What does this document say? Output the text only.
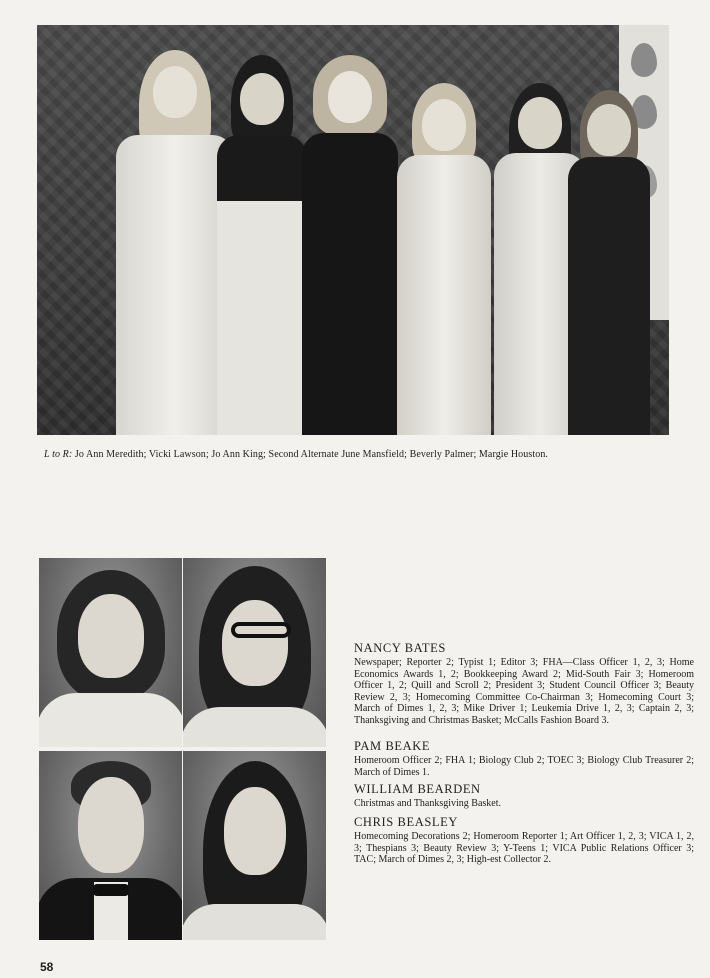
L to R: Jo Ann Meredith; Vicki Lawson; Jo Ann King; Second Alternate June Mansfield; Beverly Palmer; Margie Houston.

NANCY BATES

Newspaper; Reporter 2; Typist 1; Editor 3; FHA—Class Officer 1, 2, 3; Home Economics Awards 1, 2; Bookkeeping Award 2; Mid-South Fair 3; Homeroom Officer 1, 2; Quill and Scroll 2; President 3; Student Council Officer 3; Beauty Review 2, 3; Homecoming Committee Co-Chairman 3; Homecoming Court 3; March of Dimes 1, 2, 3; Mike Driver 1; Leukemia Drive 1, 2, 3; Captain 2, 3; Thanksgiving and Christmas Basket; McCalls Fashion Board 3.

PAM BEAKE

Homeroom Officer 2; FHA 1; Biology Club 2; TOEC 3; Biology Club Treasurer 2; March of Dimes 1.

WILLIAM BEARDEN

Christmas and Thanksgiving Basket.

CHRIS BEASLEY

Homecoming Decorations 2; Homeroom Reporter 1; Art Officer 1, 2, 3; VICA 1, 2, 3; Thespians 3; Beauty Review 3; Y-Teens 1; VICA Public Relations Officer 3; TAC; March of Dimes 2, 3; High-est Collector 2.

58
